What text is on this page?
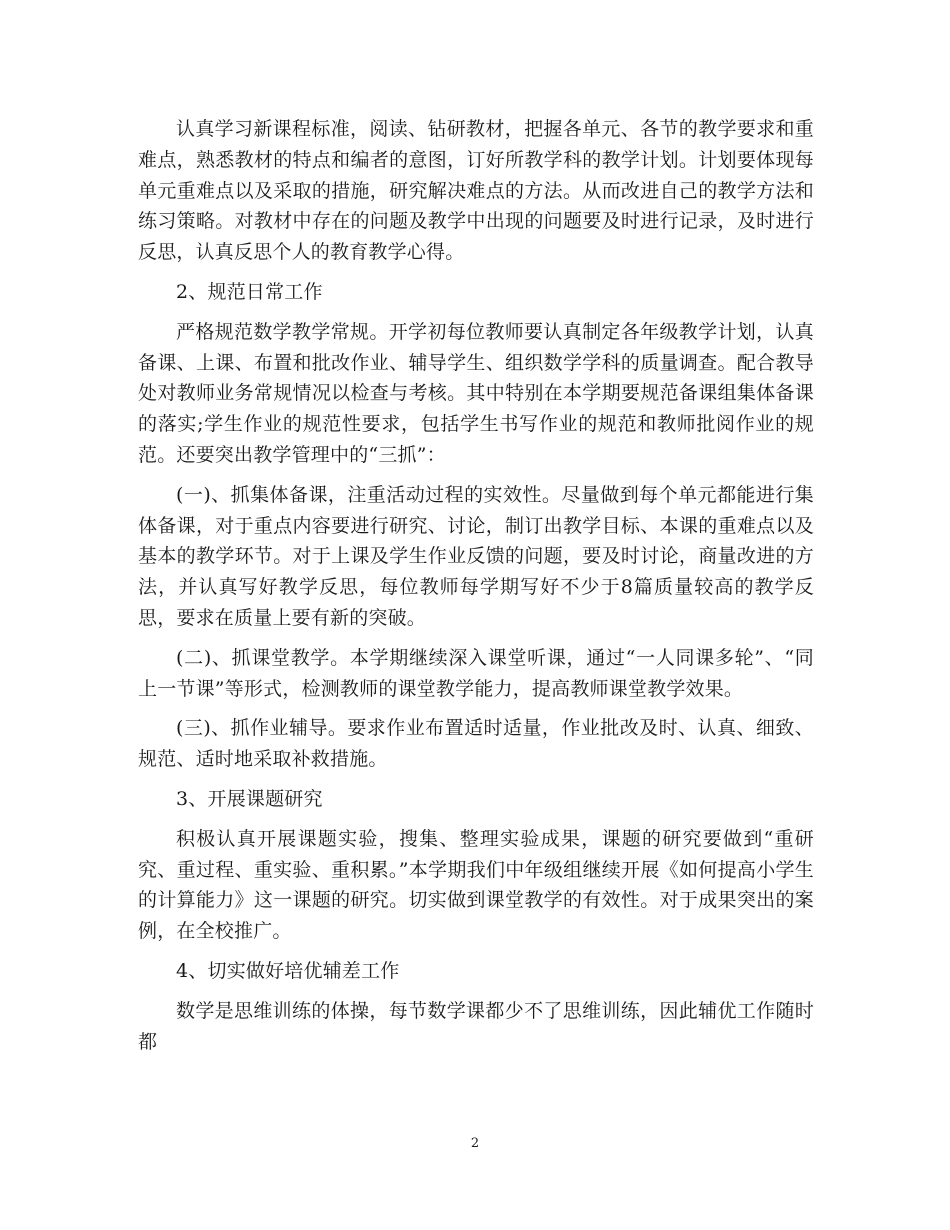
认真学习新课程标准，阅读、钻研教材，把握各单元、各节的教学要求和重难点，熟悉教材的特点和编者的意图，订好所教学科的教学计划。计划要体现每单元重难点以及采取的措施，研究解决难点的方法。从而改进自己的教学方法和练习策略。对教材中存在的问题及教学中出现的问题要及时进行记录，及时进行反思，认真反思个人的教育教学心得。

2、规范日常工作

严格规范数学教学常规。开学初每位教师要认真制定各年级教学计划，认真备课、上课、布置和批改作业、辅导学生、组织数学学科的质量调查。配合教导处对教师业务常规情况以检查与考核。其中特别在本学期要规范备课组集体备课的落实;学生作业的规范性要求，包括学生书写作业的规范和教师批阅作业的规范。还要突出教学管理中的“三抓”：

(一)、抓集体备课，注重活动过程的实效性。尽量做到每个单元都能进行集体备课，对于重点内容要进行研究、讨论，制订出教学目标、本课的重难点以及基本的教学环节。对于上课及学生作业反馈的问题，要及时讨论，商量改进的方法，并认真写好教学反思，每位教师每学期写好不少于8篇质量较高的教学反思，要求在质量上要有新的突破。

(二)、抓课堂教学。本学期继续深入课堂听课，通过“一人同课多轮”、“同上一节课”等形式，检测教师的课堂教学能力，提高教师课堂教学效果。

(三)、抓作业辅导。要求作业布置适时适量，作业批改及时、认真、细致、规范、适时地采取补救措施。

3、开展课题研究

积极认真开展课题实验，搜集、整理实验成果，课题的研究要做到“重研究、重过程、重实验、重积累。”本学期我们中年级组继续开展《如何提高小学生的计算能力》这一课题的研究。切实做到课堂教学的有效性。对于成果突出的案例，在全校推广。

4、切实做好培优辅差工作

数学是思维训练的体操，每节数学课都少不了思维训练，因此辅优工作随时都

2
